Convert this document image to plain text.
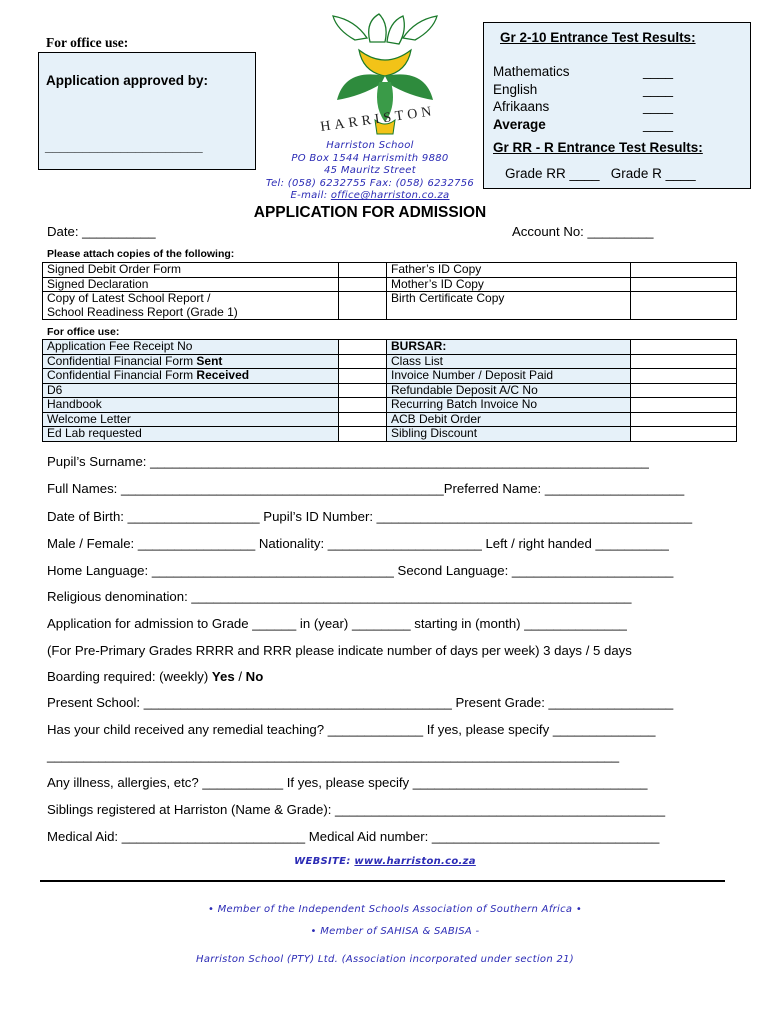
For office use:
Application approved by:
_____________________
HARRISTON
Harriston School
PO Box 1544 Harrismith 9880
45 Mauritz Street
Tel: (058) 6232755 Fax: (058) 6232756
E-mail: office@harriston.co.za
Gr 2-10 Entrance Test Results:
Mathematics	____
English	____
Afrikaans	____
Average	____
Gr RR - R Entrance Test Results:
Grade RR ____   Grade R ____
APPLICATION FOR ADMISSION
Date: __________	Account No: _________
Please attach copies of the following:
Signed Debit Order Form		Father’s ID Copy	
Signed Declaration		Mother’s ID Copy	
Copy of Latest School Report /		Birth Certificate Copy	
School Readiness Report (Grade 1)			
For office use:
Application Fee Receipt No		BURSAR:	
Confidential Financial Form Sent		Class List	
Confidential Financial Form Received		Invoice Number / Deposit Paid	
D6		Refundable Deposit A/C No	
Handbook		Recurring Batch Invoice No	
Welcome Letter		ACB Debit Order	
Ed Lab requested		Sibling Discount	
Pupil’s Surname: ____________________________________________________________________
Full Names: ____________________________________________Preferred Name: ___________________
Date of Birth: __________________ Pupil’s ID Number: ___________________________________________
Male / Female: ________________ Nationality: _____________________ Left / right handed __________
Home Language: _________________________________ Second Language: ______________________
Religious denomination: ____________________________________________________________
Application for admission to Grade ______ in (year) ________ starting in (month) ______________
(For Pre-Primary Grades RRRR and RRR please indicate number of days per week) 3 days / 5 days
Boarding required: (weekly) Yes / No
Present School: __________________________________________ Present Grade: _________________
Has your child received any remedial teaching? _____________ If yes, please specify ______________
______________________________________________________________________________
Any illness, allergies, etc? ___________ If yes, please specify ________________________________
Siblings registered at Harriston (Name & Grade): _____________________________________________
Medical Aid: _________________________ Medical Aid number: _______________________________
WEBSITE: www.harriston.co.za
• Member of the Independent Schools Association of Southern Africa •
• Member of SAHISA & SABISA -
Harriston School (PTY) Ltd. (Association incorporated under section 21)
